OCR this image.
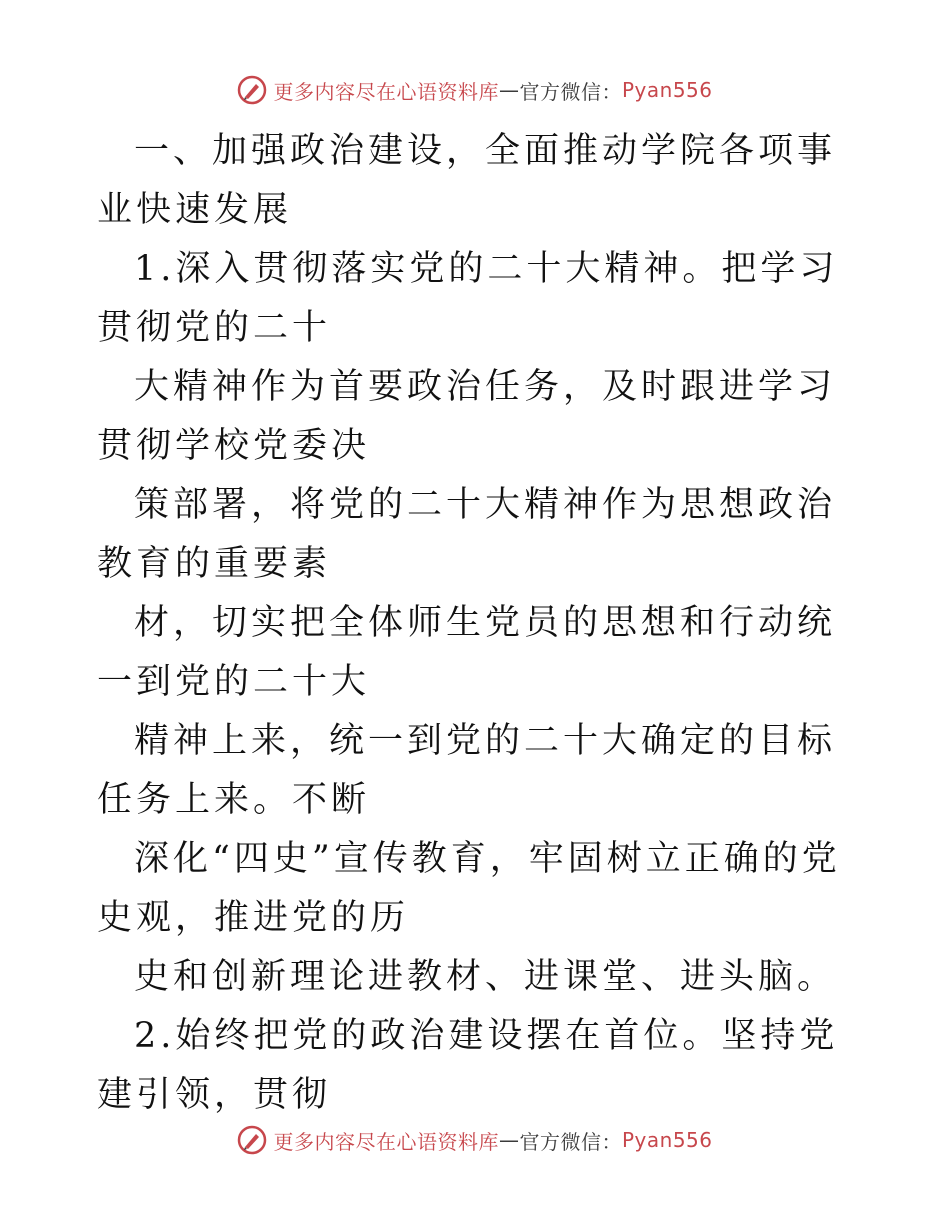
更多内容尽在心语资料库 — 官方微信： Pyan556

一、加强政治建设，全面推动学院各项事业快速发展

1.深入贯彻落实党的二十大精神。把学习贯彻党的二十

大精神作为首要政治任务，及时跟进学习贯彻学校党委决

策部署，将党的二十大精神作为思想政治教育的重要素

材，切实把全体师生党员的思想和行动统一到党的二十大

精神上来，统一到党的二十大确定的目标任务上来。不断

深化“四史”宣传教育，牢固树立正确的党史观，推进党的历

史和创新理论进教材、进课堂、进头脑。

2.始终把党的政治建设摆在首位。坚持党建引领，贯彻

更多内容尽在心语资料库 — 官方微信： Pyan556
